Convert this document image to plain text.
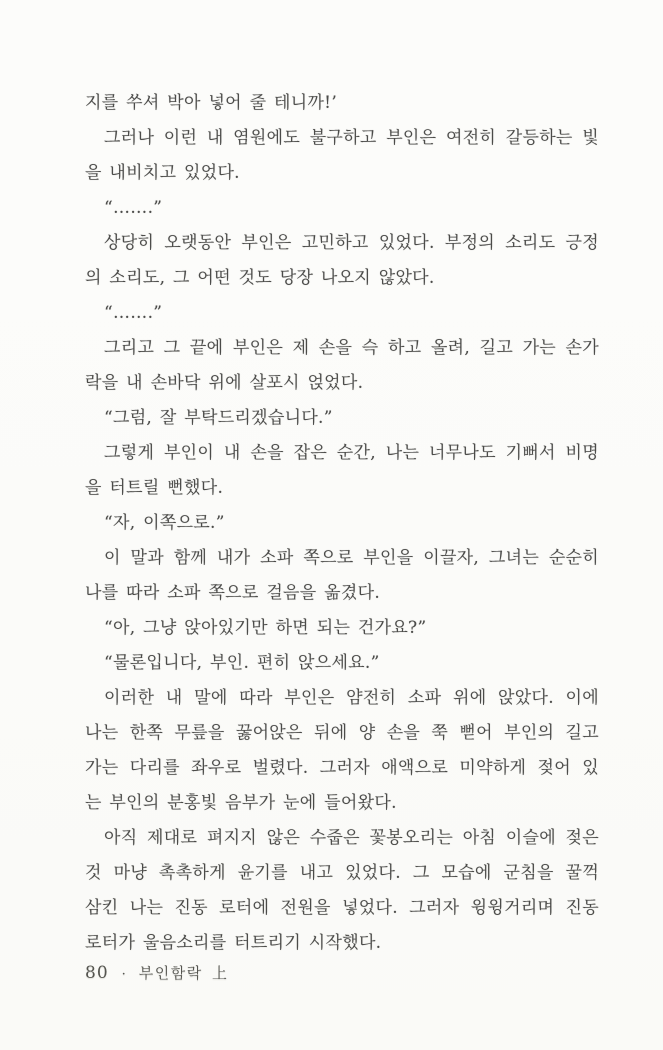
지를 쑤셔 박아 넣어 줄 테니까!’
그러나 이런 내 염원에도 불구하고 부인은 여전히 갈등하는 빛
을 내비치고 있었다.
“…….”
상당히 오랫동안 부인은 고민하고 있었다. 부정의 소리도 긍정
의 소리도, 그 어떤 것도 당장 나오지 않았다.
“…….”
그리고 그 끝에 부인은 제 손을 슥 하고 올려, 길고 가는 손가
락을 내 손바닥 위에 살포시 얹었다.
“그럼, 잘 부탁드리겠습니다.”
그렇게 부인이 내 손을 잡은 순간, 나는 너무나도 기뻐서 비명
을 터트릴 뻔했다.
“자, 이쪽으로.”
이 말과 함께 내가 소파 쪽으로 부인을 이끌자, 그녀는 순순히
나를 따라 소파 쪽으로 걸음을 옮겼다.
“아, 그냥 앉아있기만 하면 되는 건가요?”
“물론입니다, 부인. 편히 앉으세요.”
이러한 내 말에 따라 부인은 얌전히 소파 위에 앉았다. 이에
나는 한쪽 무릎을 꿇어앉은 뒤에 양 손을 쭉 뻗어 부인의 길고
가는 다리를 좌우로 벌렸다. 그러자 애액으로 미약하게 젖어 있
는 부인의 분홍빛 음부가 눈에 들어왔다.
아직 제대로 펴지지 않은 수줍은 꽃봉오리는 아침 이슬에 젖은
것 마냥 촉촉하게 윤기를 내고 있었다. 그 모습에 군침을 꿀꺽
삼킨 나는 진동 로터에 전원을 넣었다. 그러자 윙윙거리며 진동
로터가 울음소리를 터트리기 시작했다.
80 · 부인함락 上
